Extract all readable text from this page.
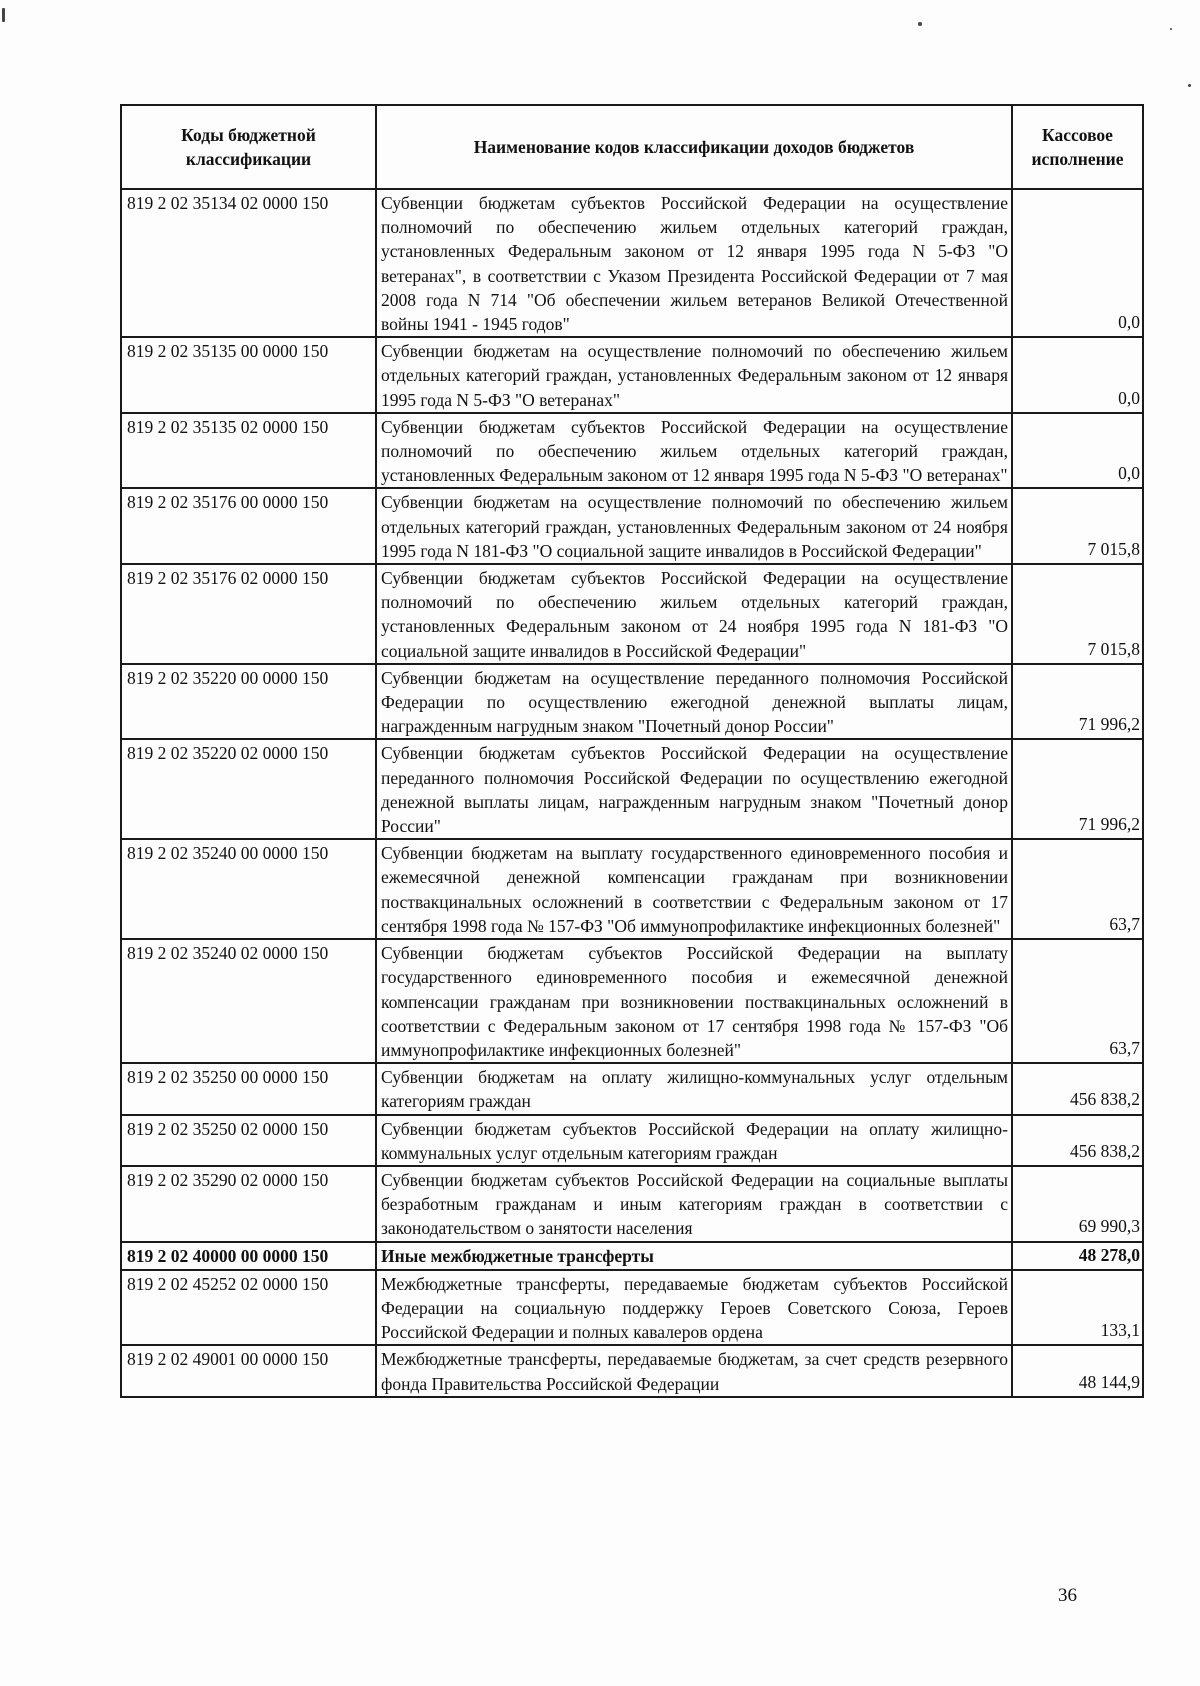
Коды бюджетной классификации	Наименование кодов классификации доходов бюджетов	Кассовое исполнение
819 2 02 35134 02 0000 150	Субвенции бюджетам субъектов Российской Федерации на осуществление полномочий по обеспечению жильем отдельных категорий граждан, установленных Федеральным законом от 12 января 1995 года N 5-ФЗ "О ветеранах", в соответствии с Указом Президента Российской Федерации от 7 мая 2008 года N 714 "Об обеспечении жильем ветеранов Великой Отечественной войны 1941 - 1945 годов"	0,0
819 2 02 35135 00 0000 150	Субвенции бюджетам на осуществление полномочий по обеспечению жильем отдельных категорий граждан, установленных Федеральным законом от 12 января 1995 года N 5-ФЗ "О ветеранах"	0,0
819 2 02 35135 02 0000 150	Субвенции бюджетам субъектов Российской Федерации на осуществление полномочий по обеспечению жильем отдельных категорий граждан, установленных Федеральным законом от 12 января 1995 года N 5-ФЗ "О ветеранах"	0,0
819 2 02 35176 00 0000 150	Субвенции бюджетам на осуществление полномочий по обеспечению жильем отдельных категорий граждан, установленных Федеральным законом от 24 ноября 1995 года N 181-ФЗ "О социальной защите инвалидов в Российской Федерации"	7 015,8
819 2 02 35176 02 0000 150	Субвенции бюджетам субъектов Российской Федерации на осуществление полномочий по обеспечению жильем отдельных категорий граждан, установленных Федеральным законом от 24 ноября 1995 года N 181-ФЗ "О социальной защите инвалидов в Российской Федерации"	7 015,8
819 2 02 35220 00 0000 150	Субвенции бюджетам на осуществление переданного полномочия Российской Федерации по осуществлению ежегодной денежной выплаты лицам, награжденным нагрудным знаком "Почетный донор России"	71 996,2
819 2 02 35220 02 0000 150	Субвенции бюджетам субъектов Российской Федерации на осуществление переданного полномочия Российской Федерации по осуществлению ежегодной денежной выплаты лицам, награжденным нагрудным знаком "Почетный донор России"	71 996,2
819 2 02 35240 00 0000 150	Субвенции бюджетам на выплату государственного единовременного пособия и ежемесячной денежной компенсации гражданам при возникновении поствакцинальных осложнений в соответствии с Федеральным законом от 17 сентября 1998 года № 157-ФЗ "Об иммунопрофилактике инфекционных болезней"	63,7
819 2 02 35240 02 0000 150	Субвенции бюджетам субъектов Российской Федерации на выплату государственного единовременного пособия и ежемесячной денежной компенсации гражданам при возникновении поствакцинальных осложнений в соответствии с Федеральным законом от 17 сентября 1998 года № 157-ФЗ "Об иммунопрофилактике инфекционных болезней"	63,7
819 2 02 35250 00 0000 150	Субвенции бюджетам на оплату жилищно-коммунальных услуг отдельным категориям граждан	456 838,2
819 2 02 35250 02 0000 150	Субвенции бюджетам субъектов Российской Федерации на оплату жилищно-коммунальных услуг отдельным категориям граждан	456 838,2
819 2 02 35290 02 0000 150	Субвенции бюджетам субъектов Российской Федерации на социальные выплаты безработным гражданам и иным категориям граждан в соответствии с законодательством о занятости населения	69 990,3
819 2 02 40000 00 0000 150	Иные межбюджетные трансферты	48 278,0
819 2 02 45252 02 0000 150	Межбюджетные трансферты, передаваемые бюджетам субъектов Российской Федерации на социальную поддержку Героев Советского Союза, Героев Российской Федерации и полных кавалеров ордена	133,1
819 2 02 49001 00 0000 150	Межбюджетные трансферты, передаваемые бюджетам, за счет средств резервного фонда Правительства Российской Федерации	48 144,9
36
